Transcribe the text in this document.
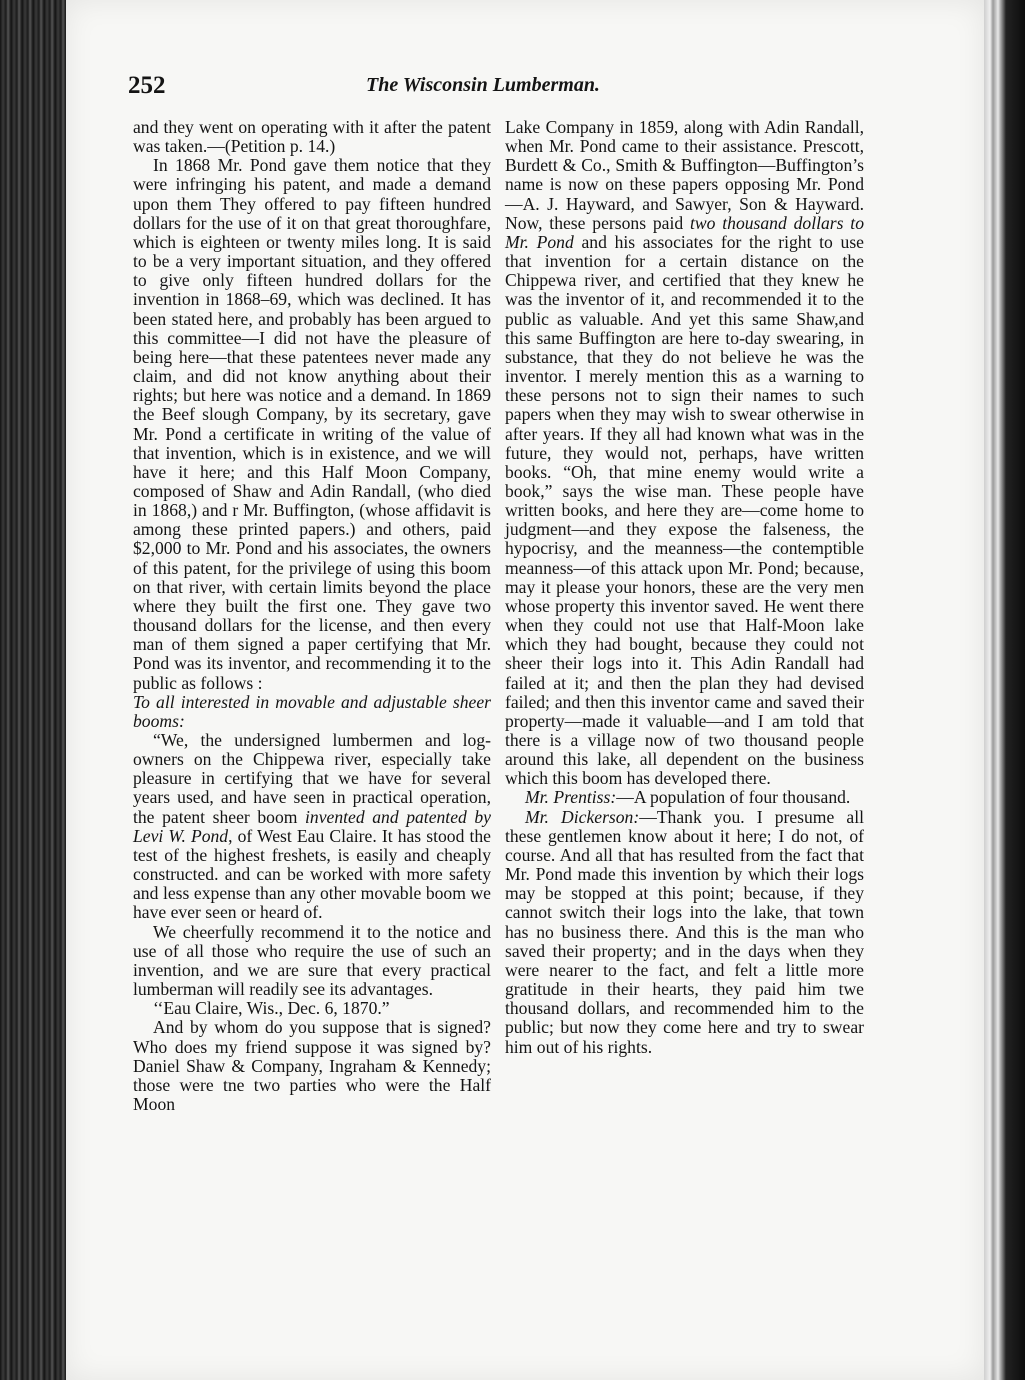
252	The Wisconsin Lumberman.

and they went on operating with it after the patent was taken.—(Petition p. 14.)

In 1868 Mr. Pond gave them notice that they were infringing his patent, and made a demand upon them They offered to pay fifteen hundred dollars for the use of it on that great thoroughfare, which is eighteen or twenty miles long. It is said to be a very important situation, and they offered to give only fifteen hundred dollars for the invention in 1868–69, which was declined. It has been stated here, and probably has been argued to this committee—I did not have the pleasure of being here—that these patentees never made any claim, and did not know anything about their rights; but here was notice and a demand. In 1869 the Beef slough Company, by its secretary, gave Mr. Pond a certificate in writing of the value of that invention, which is in existence, and we will have it here; and this Half Moon Company, composed of Shaw and Adin Randall, (who died in 1868,) and r Mr. Buffington, (whose affidavit is among these printed papers.) and others, paid $2,000 to Mr. Pond and his associates, the owners of this patent, for the privilege of using this boom on that river, with certain limits beyond the place where they built the first one. They gave two thousand dollars for the license, and then every man of them signed a paper certifying that Mr. Pond was its inventor, and recommending it to the public as follows :

To all interested in movable and adjustable sheer booms:

“We, the undersigned lumbermen and log-owners on the Chippewa river, especially take pleasure in certifying that we have for several years used, and have seen in practical operation, the patent sheer boom invented and patented by Levi W. Pond, of West Eau Claire. It has stood the test of the highest freshets, is easily and cheaply constructed. and can be worked with more safety and less expense than any other movable boom we have ever seen or heard of.

We cheerfully recommend it to the notice and use of all those who require the use of such an invention, and we are sure that every practical lumberman will readily see its advantages.

‘‘Eau Claire, Wis., Dec. 6, 1870.”

And by whom do you suppose that is signed? Who does my friend suppose it was signed by? Daniel Shaw & Company, Ingraham & Kennedy; those were tne two parties who were the Half Moon

Lake Company in 1859, along with Adin Randall, when Mr. Pond came to their assistance. Prescott, Burdett & Co., Smith & Buffington—Buffington’s name is now on these papers opposing Mr. Pond —A. J. Hayward, and Sawyer, Son & Hayward. Now, these persons paid two thousand dollars to Mr. Pond and his associates for the right to use that invention for a certain distance on the Chippewa river, and certified that they knew he was the inventor of it, and recommended it to the public as valuable. And yet this same Shaw,and this same Buffington are here to-day swearing, in substance, that they do not believe he was the inventor. I merely mention this as a warning to these persons not to sign their names to such papers when they may wish to swear otherwise in after years. If they all had known what was in the future, they would not, perhaps, have written books. “Oh, that mine enemy would write a book,” says the wise man. These people have written books, and here they are—come home to judgment—and they expose the falseness, the hypocrisy, and the meanness—the contemptible meanness—of this attack upon Mr. Pond; because, may it please your honors, these are the very men whose property this inventor saved. He went there when they could not use that Half-Moon lake which they had bought, because they could not sheer their logs into it. This Adin Randall had failed at it; and then the plan they had devised failed; and then this inventor came and saved their property—made it valuable—and I am told that there is a village now of two thousand people around this lake, all dependent on the business which this boom has developed there.

Mr. Prentiss:—A population of four thousand.

Mr. Dickerson:—Thank you. I presume all these gentlemen know about it here; I do not, of course. And all that has resulted from the fact that Mr. Pond made this invention by which their logs may be stopped at this point; because, if they cannot switch their logs into the lake, that town has no business there. And this is the man who saved their property; and in the days when they were nearer to the fact, and felt a little more gratitude in their hearts, they paid him twe thousand dollars, and recommended him to the public; but now they come here and try to swear him out of his rights.
